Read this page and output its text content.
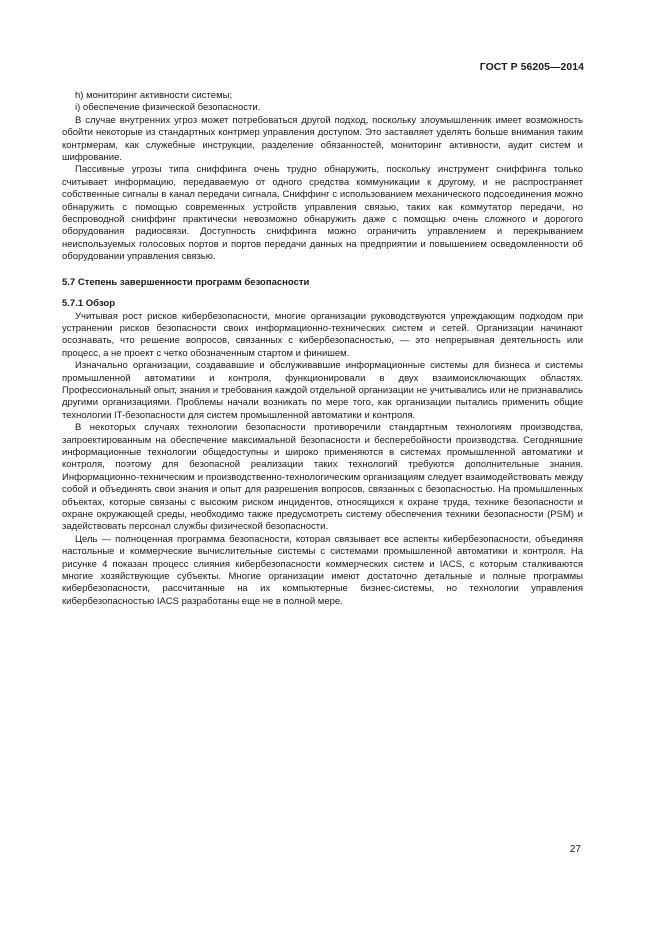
ГОСТ Р 56205—2014

h) мониторинг активности системы;

i) обеспечение физической безопасности.

В случае внутренних угроз может потребоваться другой подход, поскольку злоумышленник имеет возможность обойти некоторые из стандартных контрмер управления доступом. Это заставляет уделять больше внимания таким контрмерам, как служебные инструкции, разделение обязанностей, мониторинг активности, аудит систем и шифрование.

Пассивные угрозы типа сниффинга очень трудно обнаружить, поскольку инструмент сниффинга только считывает информацию, передаваемую от одного средства коммуникации к другому, и не распространяет собственные сигналы в канал передачи сигнала. Сниффинг с использованием механического подсоединения можно обнаружить с помощью современных устройств управления связью, таких как коммутатор передачи, но беспроводной сниффинг практически невозможно обнаружить даже с помощью очень сложного и дорогого оборудования радиосвязи. Доступность сниффинга можно ограничить управлением и перекрыванием неиспользуемых голосовых портов и портов передачи данных на предприятии и повышением осведомленности об оборудовании управления связью.

5.7 Степень завершенности программ безопасности

5.7.1 Обзор

Учитывая рост рисков кибербезопасности, многие организации руководствуются упреждающим подходом при устранении рисков безопасности своих информационно-технических систем и сетей. Организации начинают осознавать, что решение вопросов, связанных с кибербезопасностью, — это непрерывная деятельность или процесс, а не проект с четко обозначенным стартом и финишем.

Изначально организации, создававшие и обслуживавшие информационные системы для бизнеса и системы промышленной автоматики и контроля, функционировали в двух взаимоисключающих областях. Профессиональный опыт, знания и требования каждой отдельной организации не учитывались или не признавались другими организациями. Проблемы начали возникать по мере того, как организации пытались применить общие технологии IT-безопасности для систем промышленной автоматики и контроля.

В некоторых случаях технологии безопасности противоречили стандартным технологиям производства, запроектированным на обеспечение максимальной безопасности и бесперебойности производства. Сегодняшние информационные технологии общедоступны и широко применяются в системах промышленной автоматики и контроля, поэтому для безопасной реализации таких технологий требуются дополнительные знания. Информационно-техническим и производственно-технологическим организациям следует взаимодействовать между собой и объединять свои знания и опыт для разрешения вопросов, связанных с безопасностью. На промышленных объектах, которые связаны с высоким риском инцидентов, относящихся к охране труда, технике безопасности и охране окружающей среды, необходимо также предусмотреть систему обеспечения техники безопасности (PSM) и задействовать персонал службы физической безопасности.

Цель — полноценная программа безопасности, которая связывает все аспекты кибербезопасности, объединяя настольные и коммерческие вычислительные системы с системами промышленной автоматики и контроля. На рисунке 4 показан процесс слияния кибербезопасности коммерческих систем и IACS, с которым сталкиваются многие хозяйствующие субъекты. Многие организации имеют достаточно детальные и полные программы кибербезопасности, рассчитанные на их компьютерные бизнес-системы, но технологии управления кибербезопасностью IACS разработаны еще не в полной мере.

27
